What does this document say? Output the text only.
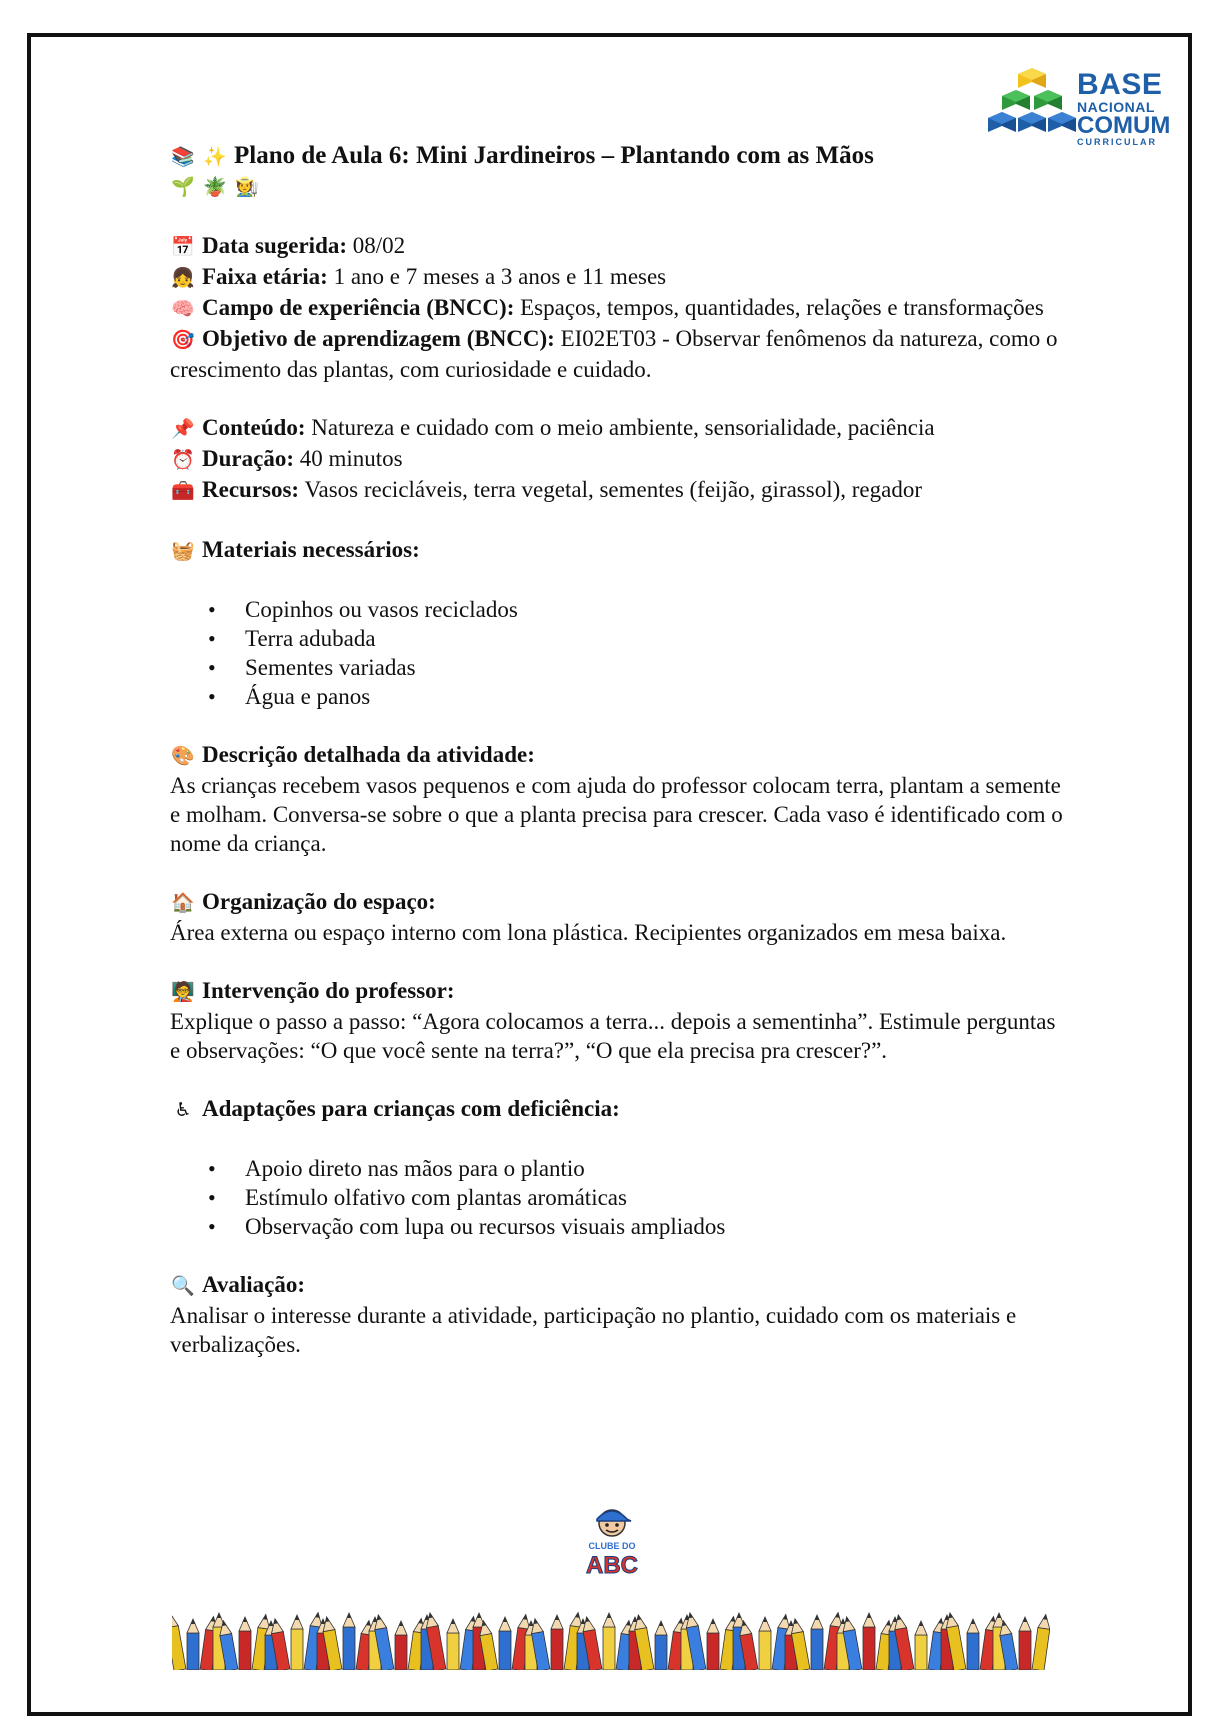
BASE
NACIONAL
COMUM
CURRICULAR
📚 ✨ Plano de Aula 6: Mini Jardineiros – Plantando com as Mãos
🌱 🪴 🧑‍🌾
📅 Data sugerida: 08/02
👧 Faixa etária: 1 ano e 7 meses a 3 anos e 11 meses
🧠 Campo de experiência (BNCC): Espaços, tempos, quantidades, relações e transformações
🎯 Objetivo de aprendizagem (BNCC): EI02ET03 - Observar fenômenos da natureza, como o crescimento das plantas, com curiosidade e cuidado.
📌 Conteúdo: Natureza e cuidado com o meio ambiente, sensorialidade, paciência
⏰ Duração: 40 minutos
🧰 Recursos: Vasos recicláveis, terra vegetal, sementes (feijão, girassol), regador
🧺 Materiais necessários:
• Copinhos ou vasos reciclados
• Terra adubada
• Sementes variadas
• Água e panos
🎨 Descrição detalhada da atividade:
As crianças recebem vasos pequenos e com ajuda do professor colocam terra, plantam a semente e molham. Conversa-se sobre o que a planta precisa para crescer. Cada vaso é identificado com o nome da criança.
🏠 Organização do espaço:
Área externa ou espaço interno com lona plástica. Recipientes organizados em mesa baixa.
🧑‍🏫 Intervenção do professor:
Explique o passo a passo: “Agora colocamos a terra... depois a sementinha”. Estimule perguntas e observações: “O que você sente na terra?”, “O que ela precisa pra crescer?”.
♿ Adaptações para crianças com deficiência:
• Apoio direto nas mãos para o plantio
• Estímulo olfativo com plantas aromáticas
• Observação com lupa ou recursos visuais ampliados
🔍 Avaliação:
Analisar o interesse durante a atividade, participação no plantio, cuidado com os materiais e verbalizações.
CLUBE DO
ABC
